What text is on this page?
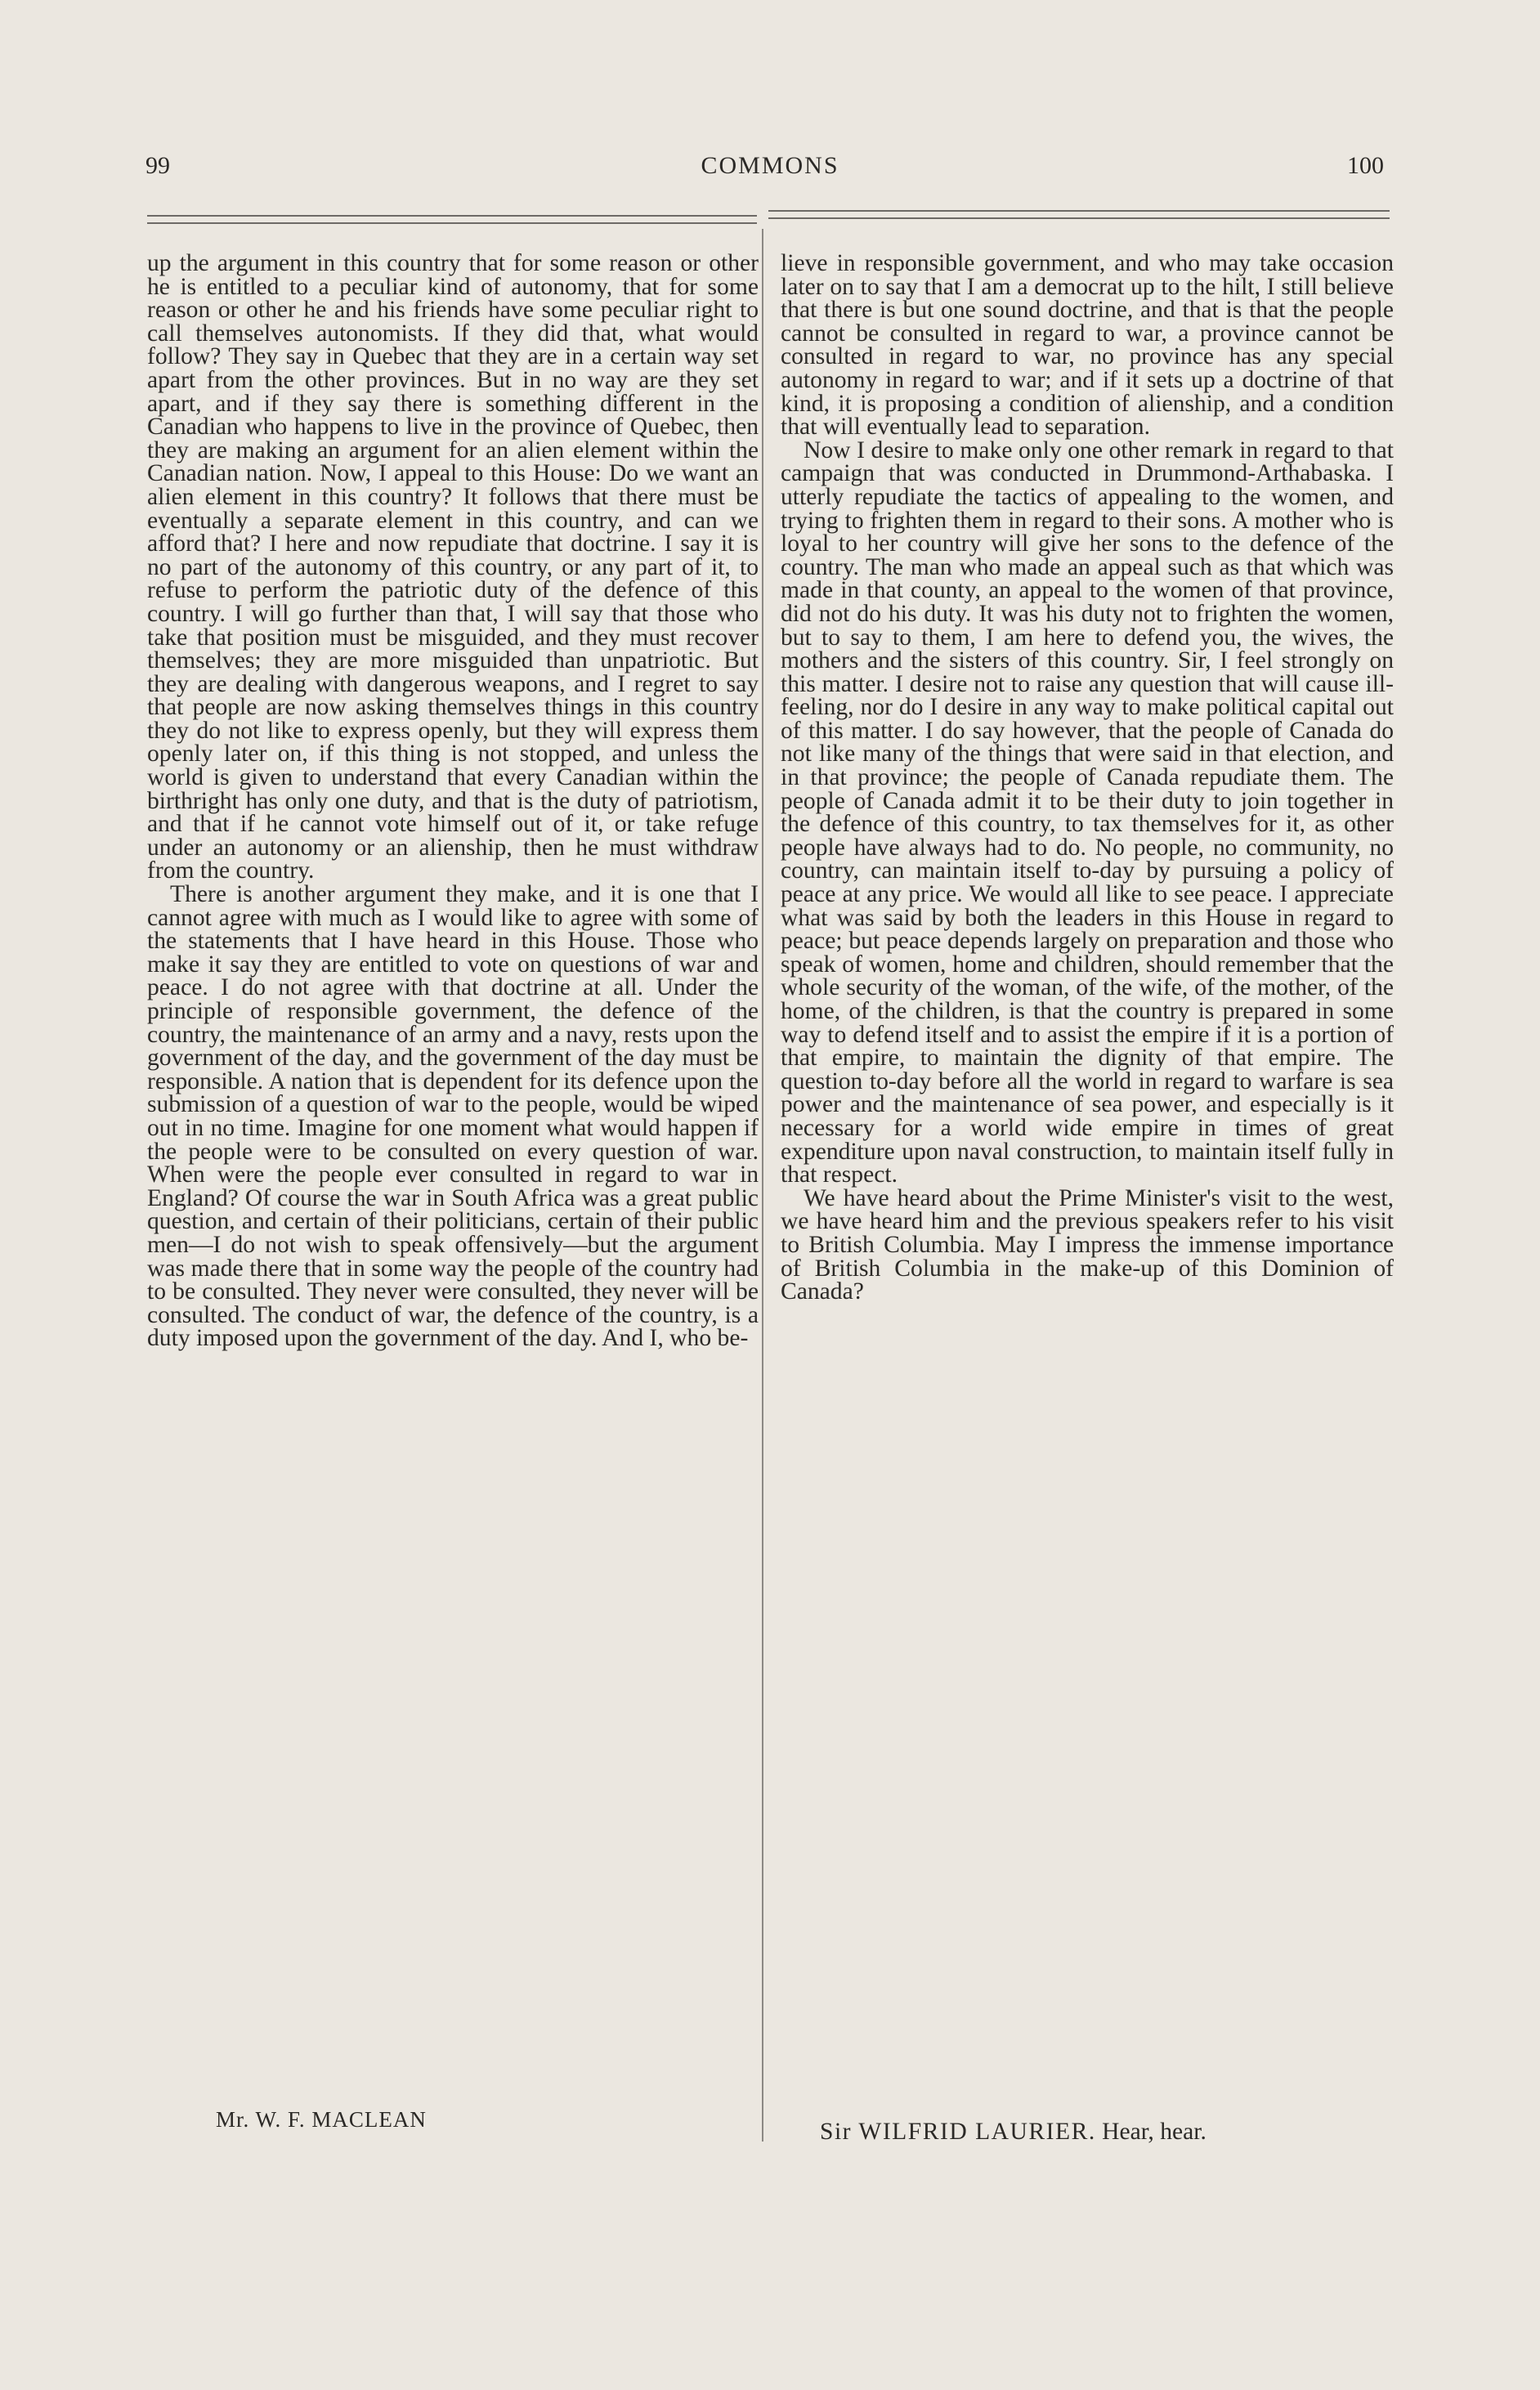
99	COMMONS	100

up the argument in this country that for some reason or other he is entitled to a peculiar kind of autonomy, that for some reason or other he and his friends have some peculiar right to call themselves autonomists. If they did that, what would follow? They say in Quebec that they are in a certain way set apart from the other provinces. But in no way are they set apart, and if they say there is something different in the Canadian who happens to live in the province of Quebec, then they are making an argument for an alien element within the Canadian nation. Now, I appeal to this House: Do we want an alien element in this country? It follows that there must be eventually a separate element in this country, and can we afford that? I here and now repudiate that doctrine. I say it is no part of the autonomy of this country, or any part of it, to refuse to perform the patriotic duty of the defence of this country. I will go further than that, I will say that those who take that position must be misguided, and they must recover themselves; they are more misguided than unpatriotic. But they are dealing with dangerous weapons, and I regret to say that people are now asking themselves things in this country they do not like to express openly, but they will express them openly later on, if this thing is not stopped, and unless the world is given to understand that every Canadian within the birthright has only one duty, and that is the duty of patriotism, and that if he cannot vote himself out of it, or take refuge under an autonomy or an alienship, then he must withdraw from the country.

There is another argument they make, and it is one that I cannot agree with much as I would like to agree with some of the statements that I have heard in this House. Those who make it say they are entitled to vote on questions of war and peace. I do not agree with that doctrine at all. Under the principle of responsible government, the defence of the country, the maintenance of an army and a navy, rests upon the government of the day, and the government of the day must be responsible. A nation that is dependent for its defence upon the submission of a question of war to the people, would be wiped out in no time. Imagine for one moment what would happen if the people were to be consulted on every question of war. When were the people ever consulted in regard to war in England? Of course the war in South Africa was a great public question, and certain of their politicians, certain of their public men—I do not wish to speak offensively—but the argument was made there that in some way the people of the country had to be consulted. They never were consulted, they never will be consulted. The conduct of war, the defence of the country, is a duty imposed upon the government of the day. And I, who be-

lieve in responsible government, and who may take occasion later on to say that I am a democrat up to the hilt, I still believe that there is but one sound doctrine, and that is that the people cannot be consulted in regard to war, a province cannot be consulted in regard to war, no province has any special autonomy in regard to war; and if it sets up a doctrine of that kind, it is proposing a condition of alienship, and a condition that will eventually lead to separation.

Now I desire to make only one other remark in regard to that campaign that was conducted in Drummond-Arthabaska. I utterly repudiate the tactics of appealing to the women, and trying to frighten them in regard to their sons. A mother who is loyal to her country will give her sons to the defence of the country. The man who made an appeal such as that which was made in that county, an appeal to the women of that province, did not do his duty. It was his duty not to frighten the women, but to say to them, I am here to defend you, the wives, the mothers and the sisters of this country. Sir, I feel strongly on this matter. I desire not to raise any question that will cause ill-feeling, nor do I desire in any way to make political capital out of this matter. I do say however, that the people of Canada do not like many of the things that were said in that election, and in that province; the people of Canada repudiate them. The people of Canada admit it to be their duty to join together in the defence of this country, to tax themselves for it, as other people have always had to do. No people, no community, no country, can maintain itself to-day by pursuing a policy of peace at any price. We would all like to see peace. I appreciate what was said by both the leaders in this House in regard to peace; but peace depends largely on preparation and those who speak of women, home and children, should remember that the whole security of the woman, of the wife, of the mother, of the home, of the children, is that the country is prepared in some way to defend itself and to assist the empire if it is a portion of that empire, to maintain the dignity of that empire. The question to-day before all the world in regard to warfare is sea power and the maintenance of sea power, and especially is it necessary for a world wide empire in times of great expenditure upon naval construction, to maintain itself fully in that respect.

We have heard about the Prime Minister's visit to the west, we have heard him and the previous speakers refer to his visit to British Columbia. May I impress the immense importance of British Columbia in the make-up of this Dominion of Canada?

Sir WILFRID LAURIER. Hear, hear.
Mr. W. F. MACLEAN
